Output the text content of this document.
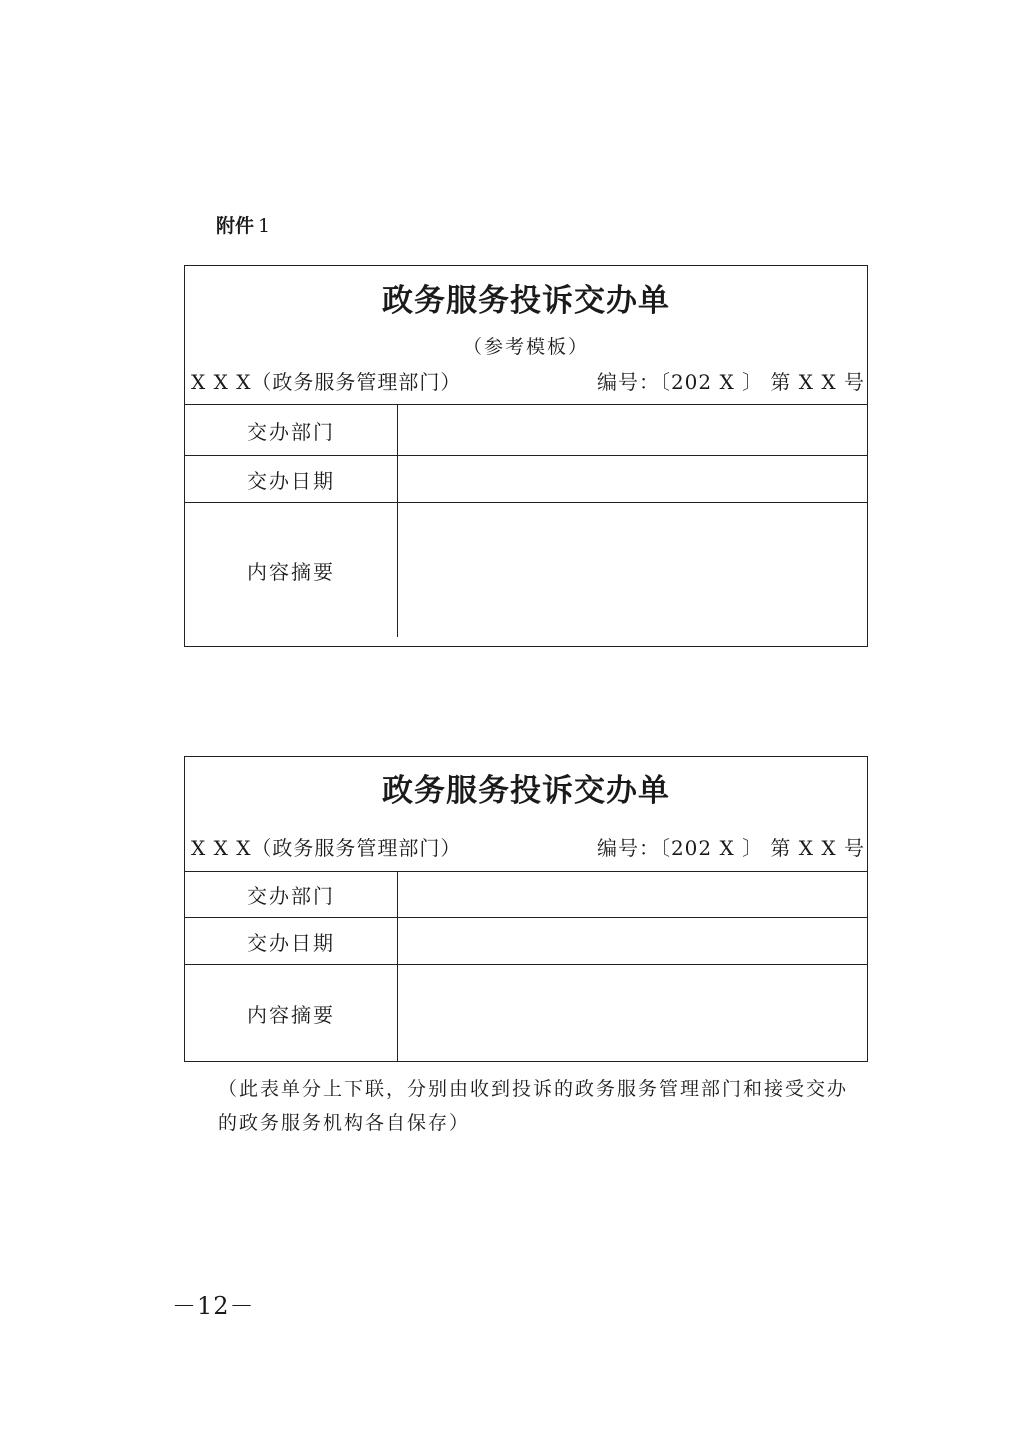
附件 1
政务服务投诉交办单
（参考模板）
X X X（政务服务管理部门）	编号：〔202 X 〕 第 X X 号
交办部门	
交办日期	
内容摘要	
政务服务投诉交办单
X X X（政务服务管理部门）	编号：〔202 X 〕 第 X X 号
交办部门	
交办日期	
内容摘要	
（此表单分上下联，分别由收到投诉的政务服务管理部门和接受交办的政务服务机构各自保存）
－12－
